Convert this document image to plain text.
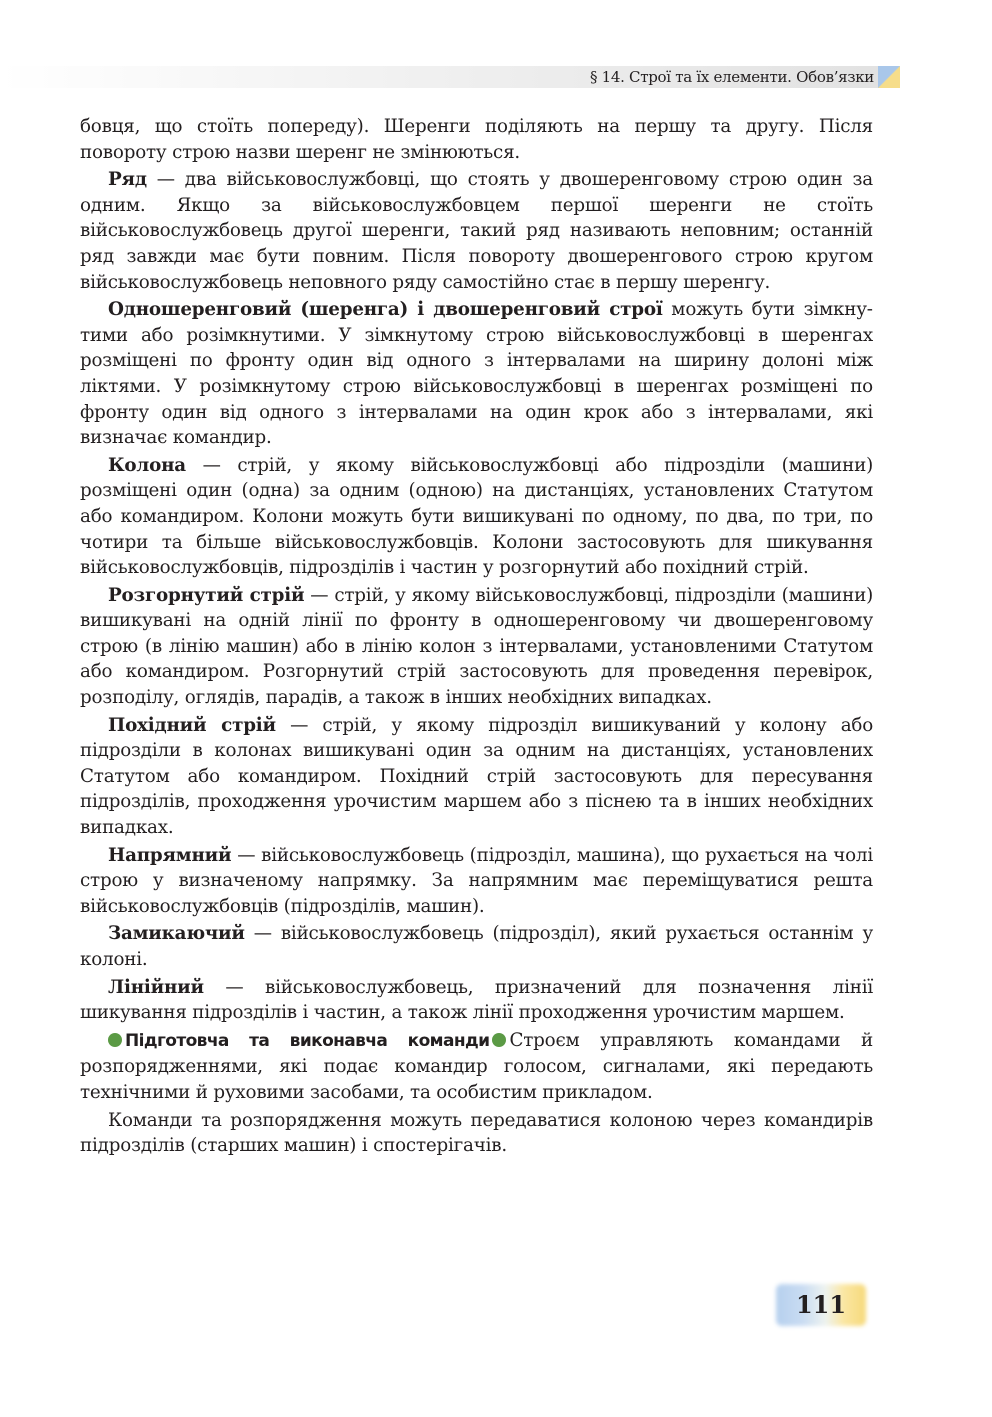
§ 14. Строї та їх елементи. Обов’язки

бовця, що стоїть попереду). Шеренги поділяють на першу та другу. Після повороту строю назви шеренг не змінюються.

Ряд — два військовослужбовці, що стоять у двошеренговому строю один за одним. Якщо за військовослужбовцем першої шеренги не стоїть військовослужбовець другої шеренги, такий ряд називають неповним; останній ряд завжди має бути повним. Після повороту двошеренгового строю кругом військовослужбовець неповного ряду самостійно стає в першу шеренгу.

Одношеренговий (шеренга) і двошеренговий строї можуть бути зімкнутими або розімкнутими. У зімкнутому строю військовослужбовці в шеренгах розміщені по фронту один від одного з інтервалами на ширину долоні між ліктями. У розімкнутому строю військовослужбовці в шеренгах розміщені по фронту один від одного з інтервалами на один крок або з інтервалами, які визначає командир.

Колона — стрій, у якому військовослужбовці або підрозділи (машини) розміщені один (одна) за одним (одною) на дистанціях, установлених Статутом або командиром. Колони можуть бути вишикувані по одному, по два, по три, по чотири та більше військовослужбовців. Колони застосовують для шикування військовослужбовців, підрозділів і частин у розгорнутий або похідний стрій.

Розгорнутий стрій — стрій, у якому військовослужбовці, підрозділи (машини) вишикувані на одній лінії по фронту в одношеренговому чи двошеренговому строю (в лінію машин) або в лінію колон з інтервалами, установленими Статутом або командиром. Розгорнутий стрій застосовують для проведення перевірок, розподілу, оглядів, парадів, а також в інших необхідних випадках.

Похідний стрій — стрій, у якому підрозділ вишикуваний у колону або підрозділи в колонах вишикувані один за одним на дистанціях, установлених Статутом або командиром. Похідний стрій застосовують для пересування підрозділів, проходження урочистим маршем або з піснею та в інших необхідних випадках.

Напрямний — військовослужбовець (підрозділ, машина), що рухається на чолі строю у визначеному напрямку. За напрямним має переміщуватися решта військовослужбовців (підрозділів, машин).

Замикаючий — військовослужбовець (підрозділ), який рухається останнім у колоні.

Лінійний — військовослужбовець, призначений для позначення лінії шикування підрозділів і частин, а також лінії проходження урочистим маршем.

Підготовча та виконавча команди Строєм управляють командами й розпорядженнями, які подає командир голосом, сигналами, які передають технічними й руховими засобами, та особистим прикладом.

Команди та розпорядження можуть передаватися колоною через командирів підрозділів (старших машин) і спостерігачів.

111
